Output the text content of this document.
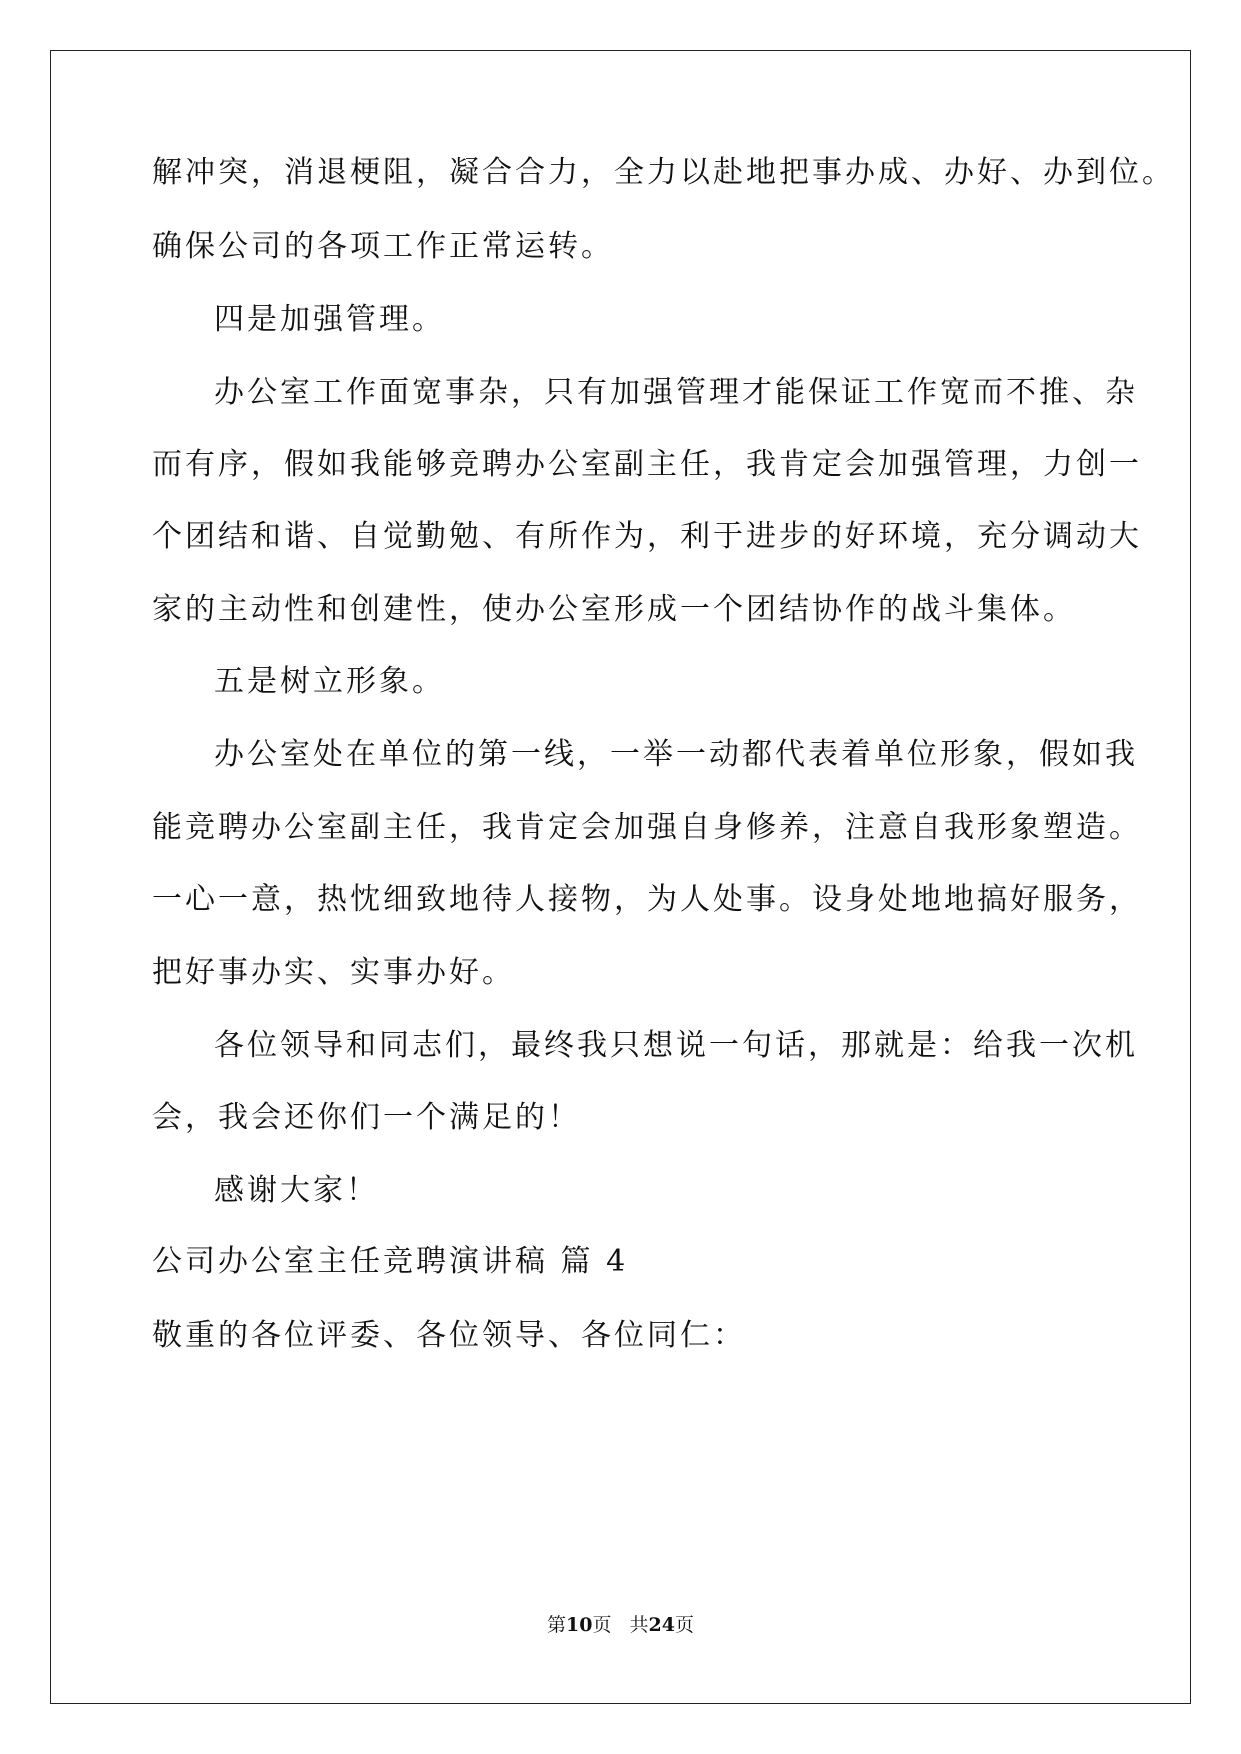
解冲突，消退梗阻，凝合合力，全力以赴地把事办成、办好、办到位。
确保公司的各项工作正常运转。
四是加强管理。
办公室工作面宽事杂，只有加强管理才能保证工作宽而不推、杂
而有序，假如我能够竞聘办公室副主任，我肯定会加强管理，力创一
个团结和谐、自觉勤勉、有所作为，利于进步的好环境，充分调动大
家的主动性和创建性，使办公室形成一个团结协作的战斗集体。
五是树立形象。
办公室处在单位的第一线，一举一动都代表着单位形象，假如我
能竞聘办公室副主任，我肯定会加强自身修养，注意自我形象塑造。
一心一意，热忱细致地待人接物，为人处事。设身处地地搞好服务，
把好事办实、实事办好。
各位领导和同志们，最终我只想说一句话，那就是：给我一次机
会，我会还你们一个满足的！
感谢大家！
公司办公室主任竞聘演讲稿 篇 4
敬重的各位评委、各位领导、各位同仁：
第10页 共24页
